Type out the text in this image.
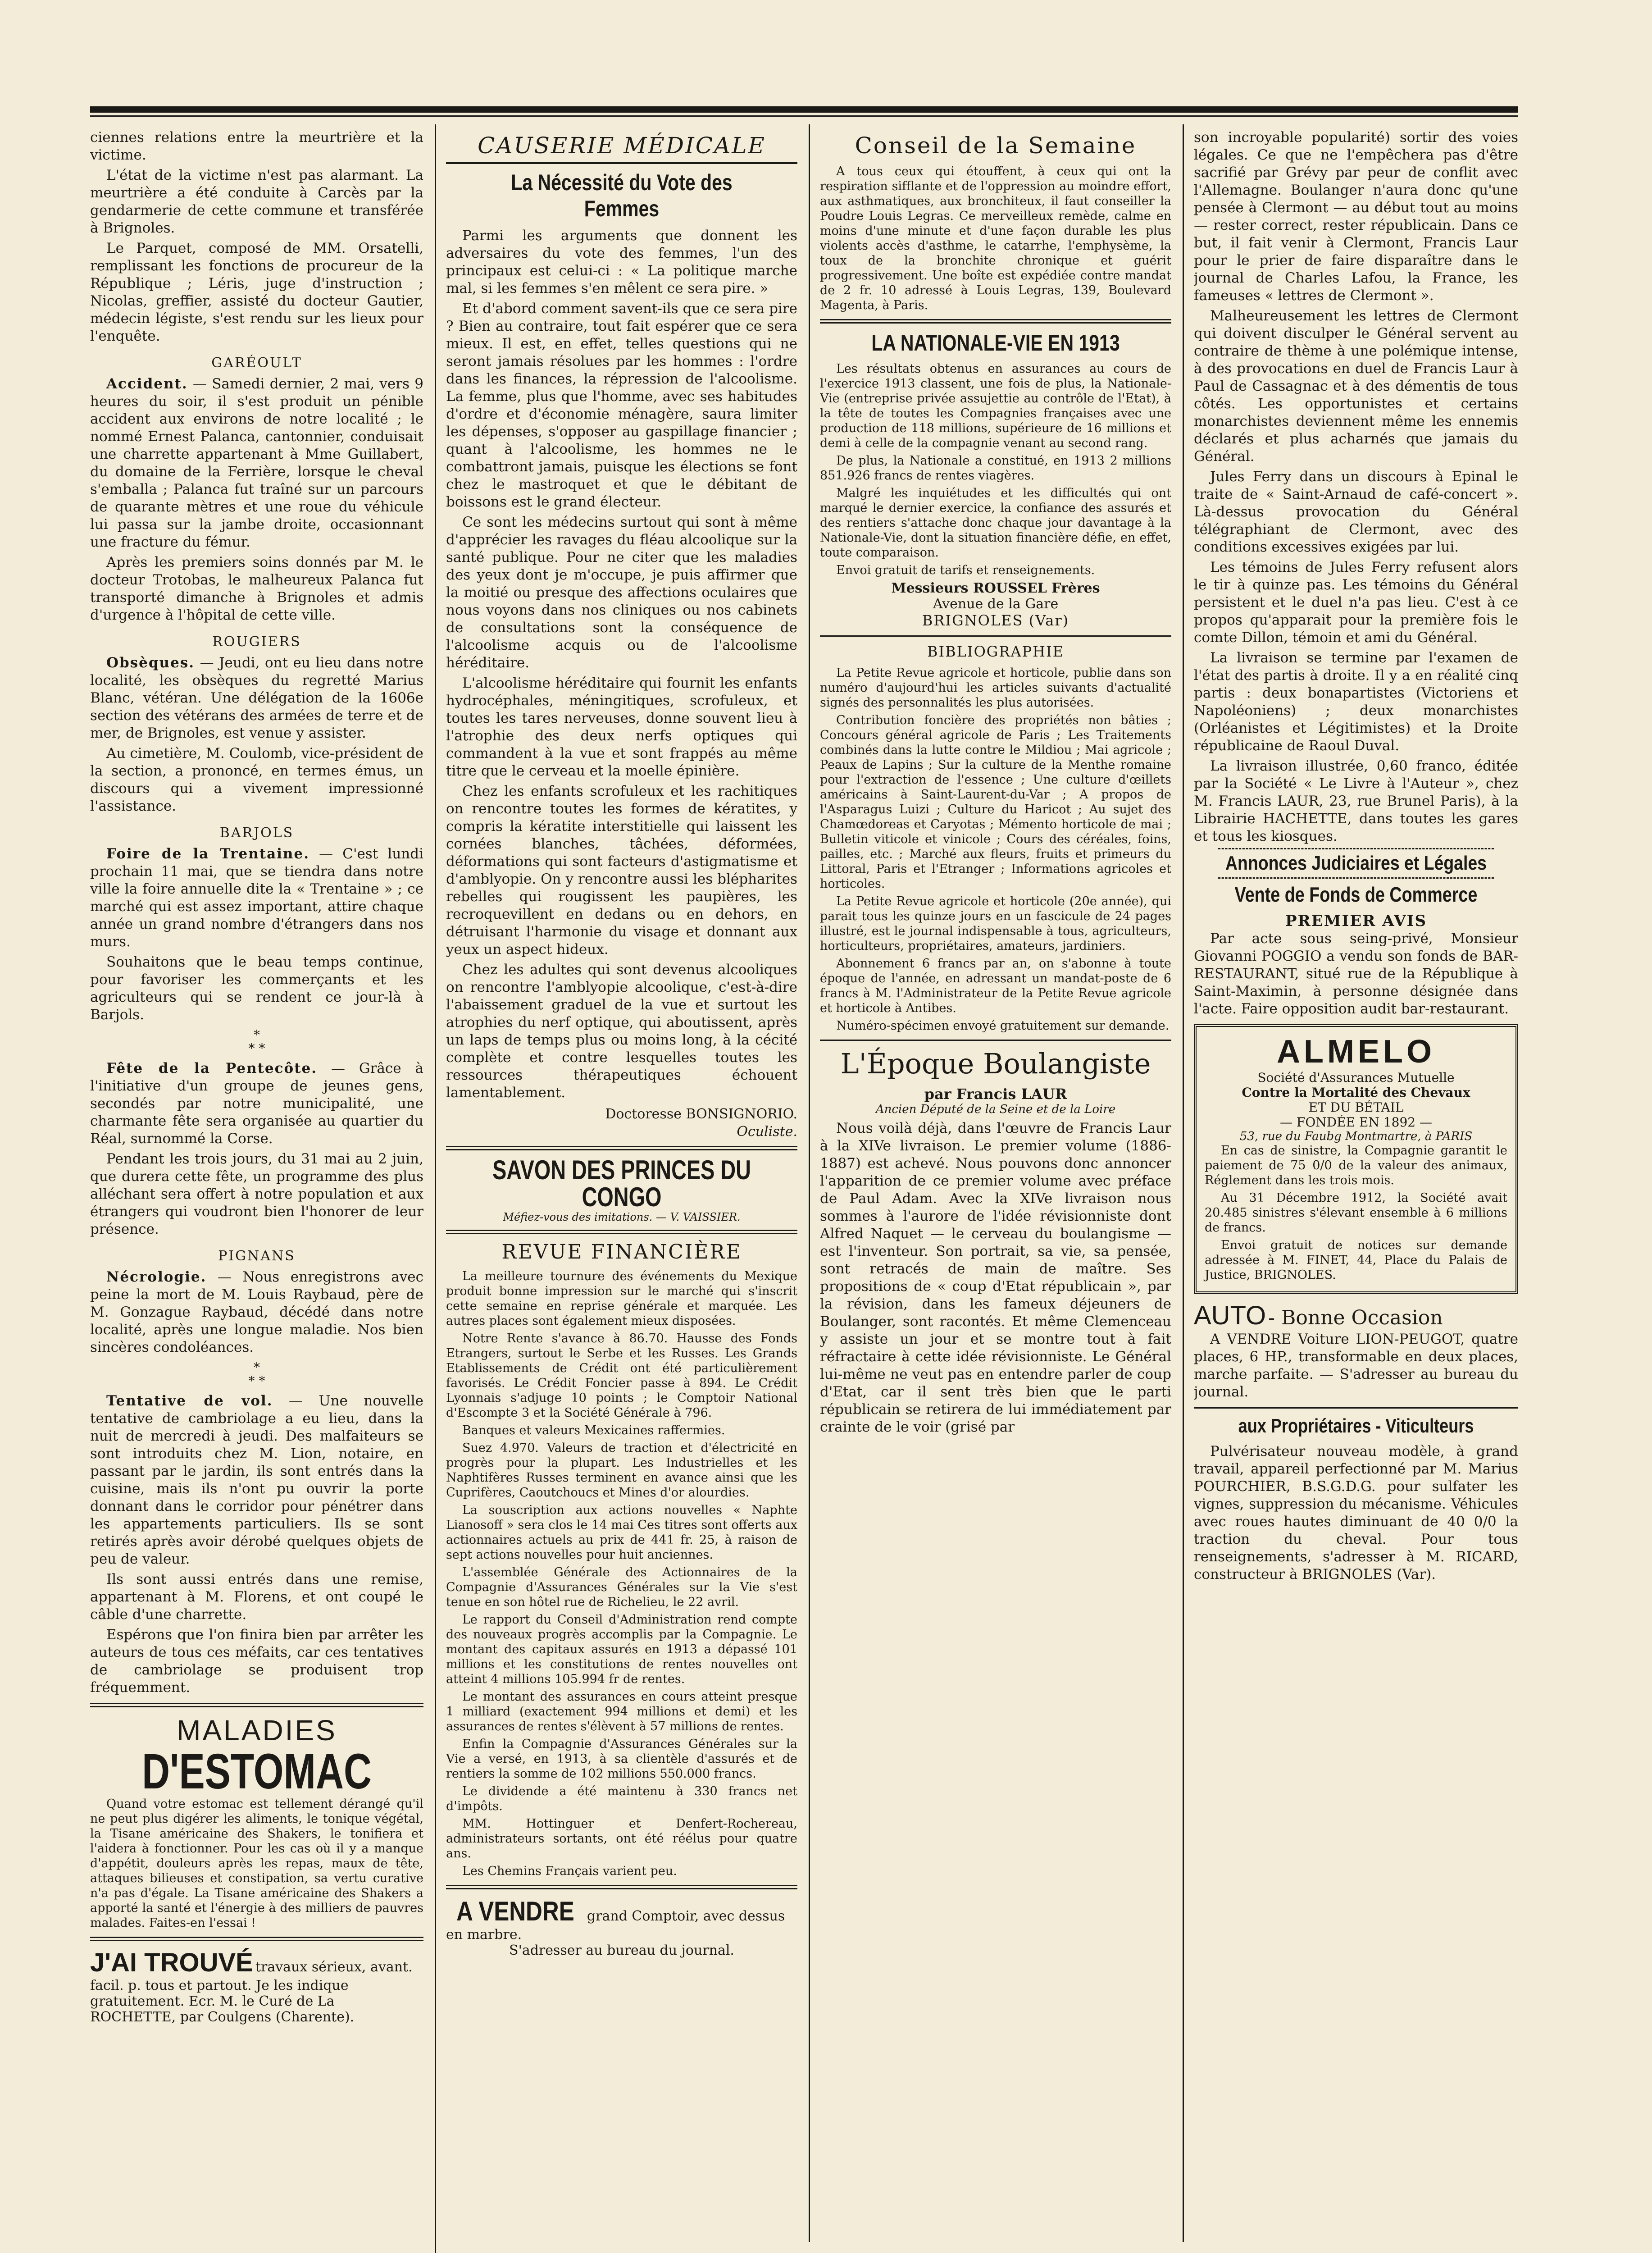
ciennes relations entre la meurtrière et la victime.

L'état de la victime n'est pas alarmant. La meurtrière a été conduite à Carcès par la gendarmerie de cette commune et transférée à Brignoles.

Le Parquet, composé de MM. Orsatelli, remplissant les fonctions de procureur de la République ; Léris, juge d'instruction ; Nicolas, greffier, assisté du docteur Gautier, médecin légiste, s'est rendu sur les lieux pour l'enquête.

GARÉOULT

Accident. — Samedi dernier, 2 mai, vers 9 heures du soir, il s'est produit un pénible accident aux environs de notre localité ; le nommé Ernest Palanca, cantonnier, conduisait une charrette appartenant à Mme Guillabert, du domaine de la Ferrière, lorsque le cheval s'emballa ; Palanca fut traîné sur un parcours de quarante mètres et une roue du véhicule lui passa sur la jambe droite, occasionnant une fracture du fémur.

Après les premiers soins donnés par M. le docteur Trotobas, le malheureux Palanca fut transporté dimanche à Brignoles et admis d'urgence à l'hôpital de cette ville.

ROUGIERS

Obsèques. — Jeudi, ont eu lieu dans notre localité, les obsèques du regretté Marius Blanc, vétéran. Une délégation de la 1606e section des vétérans des armées de terre et de mer, de Brignoles, est venue y assister.

Au cimetière, M. Coulomb, vice-président de la section, a prononcé, en termes émus, un discours qui a vivement impressionné l'assistance.

BARJOLS

Foire de la Trentaine. — C'est lundi prochain 11 mai, que se tiendra dans notre ville la foire annuelle dite la « Trentaine » ; ce marché qui est assez important, attire chaque année un grand nombre d'étrangers dans nos murs.

Souhaitons que le beau temps continue, pour favoriser les commerçants et les agriculteurs qui se rendent ce jour-là à Barjols.

*
* *

Fête de la Pentecôte. — Grâce à l'initiative d'un groupe de jeunes gens, secondés par notre municipalité, une charmante fête sera organisée au quartier du Réal, surnommé la Corse.

Pendant les trois jours, du 31 mai au 2 juin, que durera cette fête, un programme des plus alléchant sera offert à notre population et aux étrangers qui voudront bien l'honorer de leur présence.

PIGNANS

Nécrologie. — Nous enregistrons avec peine la mort de M. Louis Raybaud, père de M. Gonzague Raybaud, décédé dans notre localité, après une longue maladie. Nos bien sincères condoléances.

*
* *

Tentative de vol. — Une nouvelle tentative de cambriolage a eu lieu, dans la nuit de mercredi à jeudi. Des malfaiteurs se sont introduits chez M. Lion, notaire, en passant par le jardin, ils sont entrés dans la cuisine, mais ils n'ont pu ouvrir la porte donnant dans le corridor pour pénétrer dans les appartements particuliers. Ils se sont retirés après avoir dérobé quelques objets de peu de valeur.

Ils sont aussi entrés dans une remise, appartenant à M. Florens, et ont coupé le câble d'une charrette.

Espérons que l'on finira bien par arrêter les auteurs de tous ces méfaits, car ces tentatives de cambriolage se produisent trop fréquemment.

MALADIES
D'ESTOMAC

Quand votre estomac est tellement dérangé qu'il ne peut plus digérer les aliments, le tonique végétal, la Tisane américaine des Shakers, le tonifiera et l'aidera à fonctionner. Pour les cas où il y a manque d'appétit, douleurs après les repas, maux de tête, attaques bilieuses et constipation, sa vertu curative n'a pas d'égale. La Tisane américaine des Shakers a apporté la santé et l'énergie à des milliers de pauvres malades. Faites-en l'essai !

J'AI TROUVÉ travaux sérieux, avant. facil. p. tous et partout. Je les indique gratuitement. Ecr. M. le Curé de La ROCHETTE, par Coulgens (Charente).
CAUSERIE MÉDICALE
La Nécessité du Vote des Femmes

Parmi les arguments que donnent les adversaires du vote des femmes, l'un des principaux est celui-ci : « La politique marche mal, si les femmes s'en mêlent ce sera pire. »

Et d'abord comment savent-ils que ce sera pire ? Bien au contraire, tout fait espérer que ce sera mieux. Il est, en effet, telles questions qui ne seront jamais résolues par les hommes : l'ordre dans les finances, la répression de l'alcoolisme. La femme, plus que l'homme, avec ses habitudes d'ordre et d'économie ménagère, saura limiter les dépenses, s'opposer au gaspillage financier ; quant à l'alcoolisme, les hommes ne le combattront jamais, puisque les élections se font chez le mastroquet et que le débitant de boissons est le grand électeur.

Ce sont les médecins surtout qui sont à même d'apprécier les ravages du fléau alcoolique sur la santé publique. Pour ne citer que les maladies des yeux dont je m'occupe, je puis affirmer que la moitié ou presque des affections oculaires que nous voyons dans nos cliniques ou nos cabinets de consultations sont la conséquence de l'alcoolisme acquis ou de l'alcoolisme héréditaire.

L'alcoolisme héréditaire qui fournit les enfants hydrocéphales, méningitiques, scrofuleux, et toutes les tares nerveuses, donne souvent lieu à l'atrophie des deux nerfs optiques qui commandent à la vue et sont frappés au même titre que le cerveau et la moelle épinière.

Chez les enfants scrofuleux et les rachitiques on rencontre toutes les formes de kératites, y compris la kératite interstitielle qui laissent les cornées blanches, tâchées, déformées, déformations qui sont facteurs d'astigmatisme et d'amblyopie. On y rencontre aussi les blépharites rebelles qui rougissent les paupières, les recroquevillent en dedans ou en dehors, en détruisant l'harmonie du visage et donnant aux yeux un aspect hideux.

Chez les adultes qui sont devenus alcooliques on rencontre l'amblyopie alcoolique, c'est-à-dire l'abaissement graduel de la vue et surtout les atrophies du nerf optique, qui aboutissent, après un laps de temps plus ou moins long, à la cécité complète et contre lesquelles toutes les ressources thérapeutiques échouent lamentablement.

Doctoresse BONSIGNORIO.
Oculiste.
SAVON DES PRINCES DU CONGO
Méfiez-vous des imitations. — V. VAISSIER.
REVUE FINANCIÈRE

La meilleure tournure des événements du Mexique produit bonne impression sur le marché qui s'inscrit cette semaine en reprise générale et marquée. Les autres places sont également mieux disposées.

Notre Rente s'avance à 86.70. Hausse des Fonds Etrangers, surtout le Serbe et les Russes. Les Grands Etablissements de Crédit ont été particulièrement favorisés. Le Crédit Foncier passe à 894. Le Crédit Lyonnais s'adjuge 10 points ; le Comptoir National d'Escompte 3 et la Société Générale à 796.

Banques et valeurs Mexicaines raffermies.

Suez 4.970. Valeurs de traction et d'électricité en progrès pour la plupart. Les Industrielles et les Naphtifères Russes terminent en avance ainsi que les Cuprifères, Caoutchoucs et Mines d'or alourdies.

La souscription aux actions nouvelles « Naphte Lianosoff » sera clos le 14 mai Ces titres sont offerts aux actionnaires actuels au prix de 441 fr. 25, à raison de sept actions nouvelles pour huit anciennes.

L'assemblée Générale des Actionnaires de la Compagnie d'Assurances Générales sur la Vie s'est tenue en son hôtel rue de Richelieu, le 22 avril.

Le rapport du Conseil d'Administration rend compte des nouveaux progrès accomplis par la Compagnie. Le montant des capitaux assurés en 1913 a dépassé 101 millions et les constitutions de rentes nouvelles ont atteint 4 millions 105.994 fr de rentes.

Le montant des assurances en cours atteint presque 1 milliard (exactement 994 millions et demi) et les assurances de rentes s'élèvent à 57 millions de rentes.

Enfin la Compagnie d'Assurances Générales sur la Vie a versé, en 1913, à sa clientèle d'assurés et de rentiers la somme de 102 millions 550.000 francs.

Le dividende a été maintenu à 330 francs net d'impôts.

MM. Hottinguer et Denfert-Rochereau, administrateurs sortants, ont été réélus pour quatre ans.

Les Chemins Français varient peu.

A VENDRE grand Comptoir, avec dessus en marbre.
S'adresser au bureau du journal.
Conseil de la Semaine

A tous ceux qui étouffent, à ceux qui ont la respiration sifflante et de l'oppression au moindre effort, aux asthmatiques, aux bronchiteux, il faut conseiller la Poudre Louis Legras. Ce merveilleux remède, calme en moins d'une minute et d'une façon durable les plus violents accès d'asthme, le catarrhe, l'emphysème, la toux de la bronchite chronique et guérit progressivement. Une boîte est expédiée contre mandat de 2 fr. 10 adressé à Louis Legras, 139, Boulevard Magenta, à Paris.

LA NATIONALE-VIE EN 1913

Les résultats obtenus en assurances au cours de l'exercice 1913 classent, une fois de plus, la Nationale-Vie (entreprise privée assujettie au contrôle de l'Etat), à la tête de toutes les Compagnies françaises avec une production de 118 millions, supérieure de 16 millions et demi à celle de la compagnie venant au second rang.

De plus, la Nationale a constitué, en 1913 2 millions 851.926 francs de rentes viagères.

Malgré les inquiétudes et les difficultés qui ont marqué le dernier exercice, la confiance des assurés et des rentiers s'attache donc chaque jour davantage à la Nationale-Vie, dont la situation financière défie, en effet, toute comparaison.

Envoi gratuit de tarifs et renseignements.

Messieurs ROUSSEL Frères
Avenue de la Gare
BRIGNOLES (Var)
BIBLIOGRAPHIE

La Petite Revue agricole et horticole, publie dans son numéro d'aujourd'hui les articles suivants d'actualité signés des personnalités les plus autorisées.

Contribution foncière des propriétés non bâties ; Concours général agricole de Paris ; Les Traitements combinés dans la lutte contre le Mildiou ; Mai agricole ; Peaux de Lapins ; Sur la culture de la Menthe romaine pour l'extraction de l'essence ; Une culture d'œillets américains à Saint-Laurent-du-Var ; A propos de l'Asparagus Luizi ; Culture du Haricot ; Au sujet des Chamœdoreas et Caryotas ; Mémento horticole de mai ; Bulletin viticole et vinicole ; Cours des céréales, foins, pailles, etc. ; Marché aux fleurs, fruits et primeurs du Littoral, Paris et l'Etranger ; Informations agricoles et horticoles.

La Petite Revue agricole et horticole (20e année), qui parait tous les quinze jours en un fascicule de 24 pages illustré, est le journal indispensable à tous, agriculteurs, horticulteurs, propriétaires, amateurs, jardiniers.

Abonnement 6 francs par an, on s'abonne à toute époque de l'année, en adressant un mandat-poste de 6 francs à M. l'Administrateur de la Petite Revue agricole et horticole à Antibes.

Numéro-spécimen envoyé gratuitement sur demande.

L'Époque Boulangiste
par Francis LAUR
Ancien Député de la Seine et de la Loire

Nous voilà déjà, dans l'œuvre de Francis Laur à la XIVe livraison. Le premier volume (1886-1887) est achevé. Nous pouvons donc annoncer l'apparition de ce premier volume avec préface de Paul Adam. Avec la XIVe livraison nous sommes à l'aurore de l'idée révisionniste dont Alfred Naquet — le cerveau du boulangisme — est l'inventeur. Son portrait, sa vie, sa pensée, sont retracés de main de maître. Ses propositions de « coup d'Etat républicain », par la révision, dans les fameux déjeuners de Boulanger, sont racontés. Et même Clemenceau y assiste un jour et se montre tout à fait réfractaire à cette idée révisionniste. Le Général lui-même ne veut pas en entendre parler de coup d'Etat, car il sent très bien que le parti républicain se retirera de lui immédiatement par crainte de le voir (grisé par

son incroyable popularité) sortir des voies légales. Ce que ne l'empêchera pas d'être sacrifié par Grévy par peur de conflit avec l'Allemagne. Boulanger n'aura donc qu'une pensée à Clermont — au début tout au moins — rester correct, rester républicain. Dans ce but, il fait venir à Clermont, Francis Laur pour le prier de faire disparaître dans le journal de Charles Lafou, la France, les fameuses « lettres de Clermont ».

Malheureusement les lettres de Clermont qui doivent disculper le Général servent au contraire de thème à une polémique intense, à des provocations en duel de Francis Laur à Paul de Cassagnac et à des démentis de tous côtés. Les opportunistes et certains monarchistes deviennent même les ennemis déclarés et plus acharnés que jamais du Général.

Jules Ferry dans un discours à Epinal le traite de « Saint-Arnaud de café-concert ». Là-dessus provocation du Général télégraphiant de Clermont, avec des conditions excessives exigées par lui.

Les témoins de Jules Ferry refusent alors le tir à quinze pas. Les témoins du Général persistent et le duel n'a pas lieu. C'est à ce propos qu'apparait pour la première fois le comte Dillon, témoin et ami du Général.

La livraison se termine par l'examen de l'état des partis à droite. Il y a en réalité cinq partis : deux bonapartistes (Victoriens et Napoléoniens) ; deux monarchistes (Orléanistes et Légitimistes) et la Droite républicaine de Raoul Duval.

La livraison illustrée, 0,60 franco, éditée par la Société « Le Livre à l'Auteur », chez M. Francis LAUR, 23, rue Brunel Paris), à la Librairie HACHETTE, dans toutes les gares et tous les kiosques.

Annonces Judiciaires et Légales
Vente de Fonds de Commerce
PREMIER AVIS

Par acte sous seing-privé, Monsieur Giovanni POGGIO a vendu son fonds de BAR-RESTAURANT, situé rue de la République à Saint-Maximin, à personne désignée dans l'acte. Faire opposition audit bar-restaurant.

ALMELO
Société d'Assurances Mutuelle
Contre la Mortalité des Chevaux
ET DU BÉTAIL
— FONDÉE EN 1892 —
53, rue du Faubg Montmartre, à PARIS

En cas de sinistre, la Compagnie garantit le paiement de 75 0/0 de la valeur des animaux, Réglement dans les trois mois.

Au 31 Décembre 1912, la Société avait 20.485 sinistres s'élevant ensemble à 6 millions de francs.

Envoi gratuit de notices sur demande adressée à M. FINET, 44, Place du Palais de Justice, BRIGNOLES.

AUTO - Bonne Occasion

A VENDRE Voiture LION-PEUGOT, quatre places, 6 HP., transformable en deux places, marche parfaite. — S'adresser au bureau du journal.

aux Propriétaires - Viticulteurs

Pulvérisateur nouveau modèle, à grand travail, appareil perfectionné par M. Marius POURCHIER, B.S.G.D.G. pour sulfater les vignes, suppression du mécanisme. Véhicules avec roues hautes diminuant de 40 0/0 la traction du cheval. Pour tous renseignements, s'adresser à M. RICARD, constructeur à BRIGNOLES (Var).
